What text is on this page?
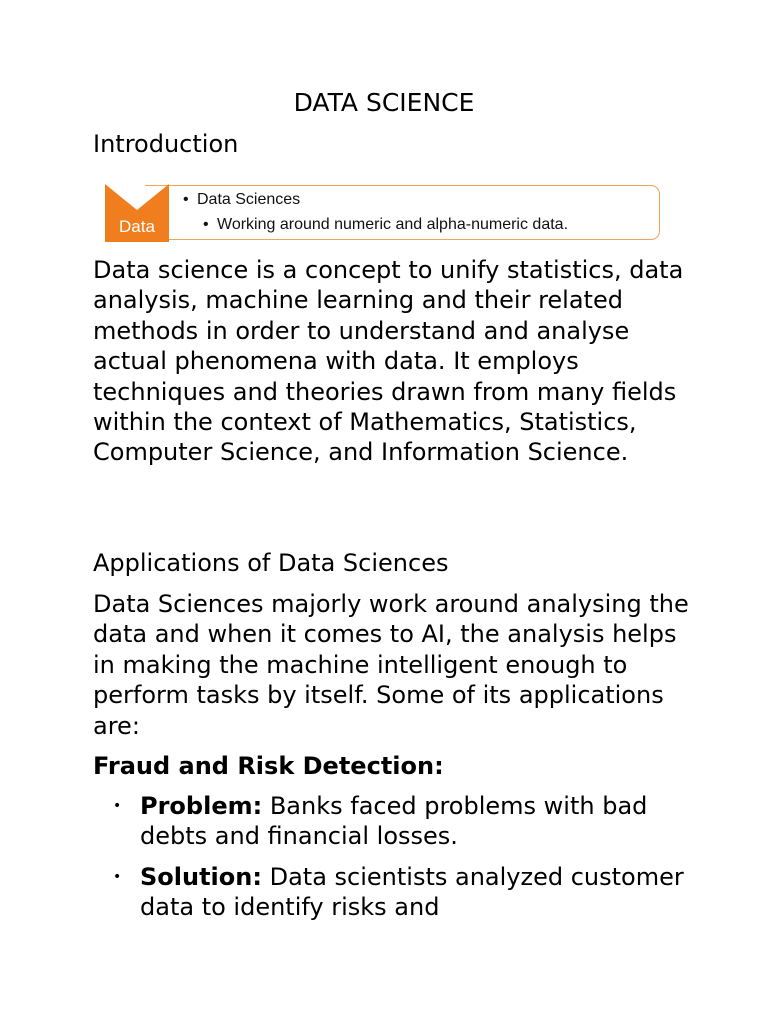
DATA SCIENCE
Introduction
Data
• Data Sciences
• Working around numeric and alpha-numeric data.

Data science is a concept to unify statistics, data analysis, machine learning and their related methods in order to understand and analyse actual phenomena with data. It employs techniques and theories drawn from many fields within the context of Mathematics, Statistics, Computer Science, and Information Science.

Applications of Data Sciences

Data Sciences majorly work around analysing the data and when it comes to AI, the analysis helps in making the machine intelligent enough to perform tasks by itself. Some of its applications are:

Fraud and Risk Detection:
• Problem: Banks faced problems with bad debts and financial losses.
• Solution: Data scientists analyzed customer data to identify risks and
